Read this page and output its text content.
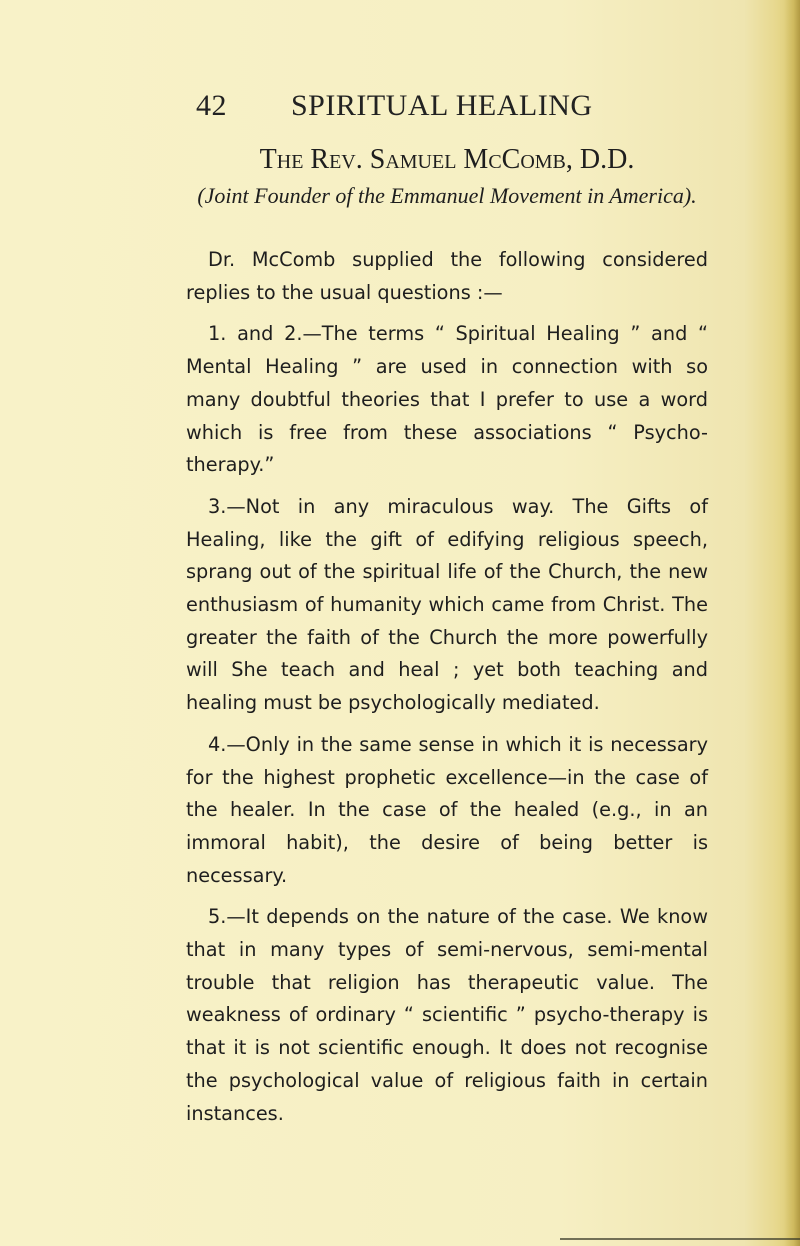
42 SPIRITUAL HEALING
The Rev. Samuel McComb, D.D.
(Joint Founder of the Emmanuel Movement in America).

Dr. McComb supplied the following considered replies to the usual questions :—

1. and 2.—The terms “ Spiritual Healing ” and “ Mental Healing ” are used in connection with so many doubtful theories that I prefer to use a word which is free from these associations “ Psycho-therapy.”

3.—Not in any miraculous way. The Gifts of Healing, like the gift of edifying religious speech, sprang out of the spiritual life of the Church, the new enthusiasm of humanity which came from Christ. The greater the faith of the Church the more powerfully will She teach and heal ; yet both teaching and healing must be psychologically mediated.

4.—Only in the same sense in which it is necessary for the highest prophetic excellence—in the case of the healer. In the case of the healed (e.g., in an immoral habit), the desire of being better is necessary.

5.—It depends on the nature of the case. We know that in many types of semi-nervous, semi-mental trouble that religion has therapeutic value. The weakness of ordinary “ scientific ” psycho-therapy is that it is not scientific enough. It does not recognise the psychological value of religious faith in certain instances.
